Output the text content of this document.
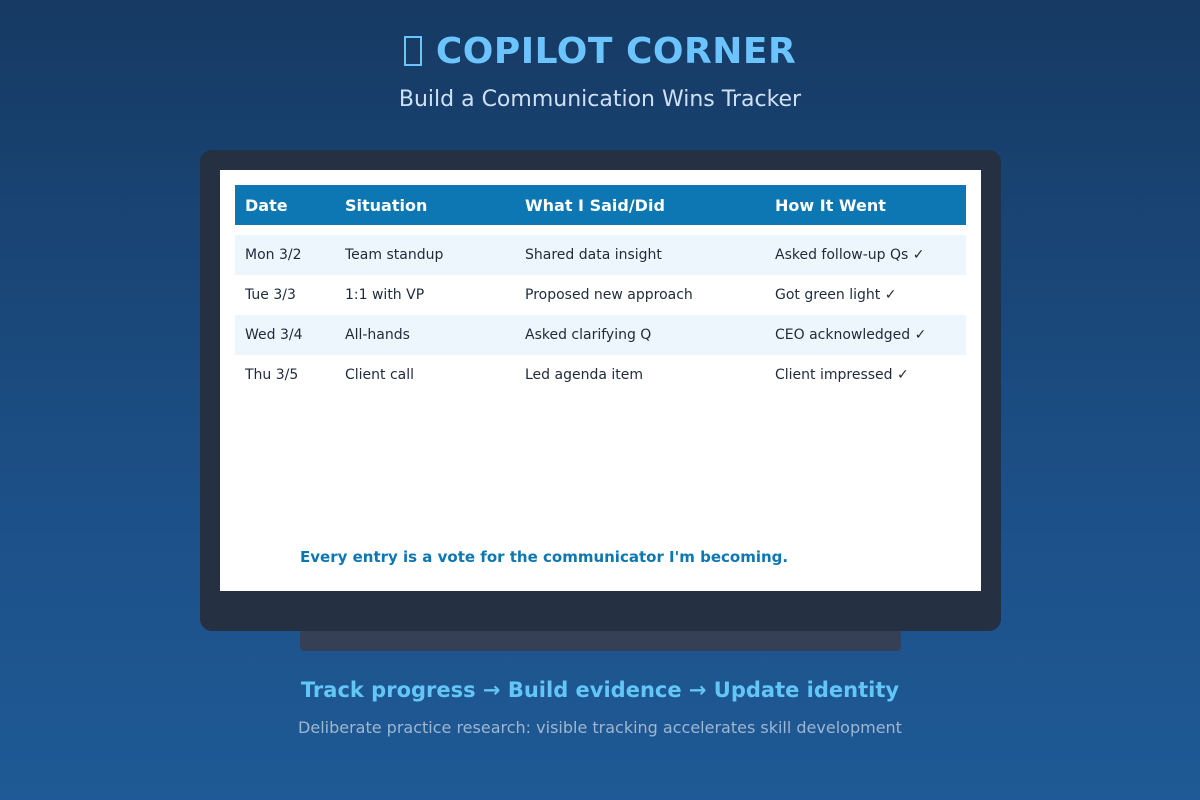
COPILOT CORNER
Build a Communication Wins Tracker
Date	Situation	What I Said/Did	How It Went
Mon 3/2	Team standup	Shared data insight	Asked follow-up Qs ✓
Tue 3/3	1:1 with VP	Proposed new approach	Got green light ✓
Wed 3/4	All-hands	Asked clarifying Q	CEO acknowledged ✓
Thu 3/5	Client call	Led agenda item	Client impressed ✓
Every entry is a vote for the communicator I'm becoming.
Track progress → Build evidence → Update identity
Deliberate practice research: visible tracking accelerates skill development
